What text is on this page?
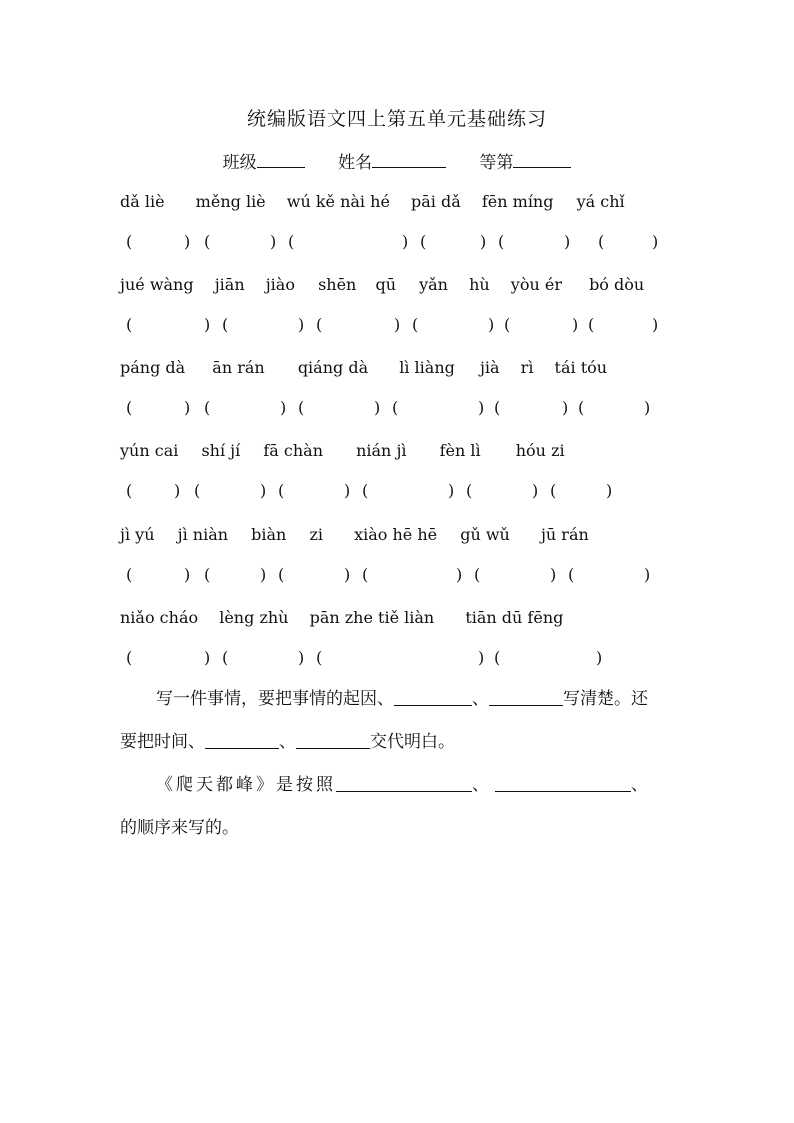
统编版语文四上第五单元基础练习
班级	姓名	等第
dǎ liè měng liè wú kě nài hé pāi dǎ fēn míng yá chǐ
(	) (	) (	) (	) (	) (	)
jué wàng jiān jiào shēn qū yǎn hù yòu ér bó dòu
(	) (	) (	) (	) (	) (	)
páng dà ān rán qiáng dà lì liàng jià rì tái tóu
(	) (	) (	) (	) (	) (	)
yún cai shí jí fā chàn nián jì fèn lì hóu zi
(	) (	) (	) (	) (	) (	)
jì yú jì niàn biàn zi xiào hē hē gǔ wǔ jū rán
(	) (	) (	) (	) (	) (	)
niǎo cháo lèng zhù pān zhe tiě liàn tiān dū fēng
(	) (	) (	) (	)
写一件事情，要把事情的起因、	、	写清楚。还
要把时间、	、	交代明白。
《爬天都峰》是按照	、	、
的顺序来写的。
